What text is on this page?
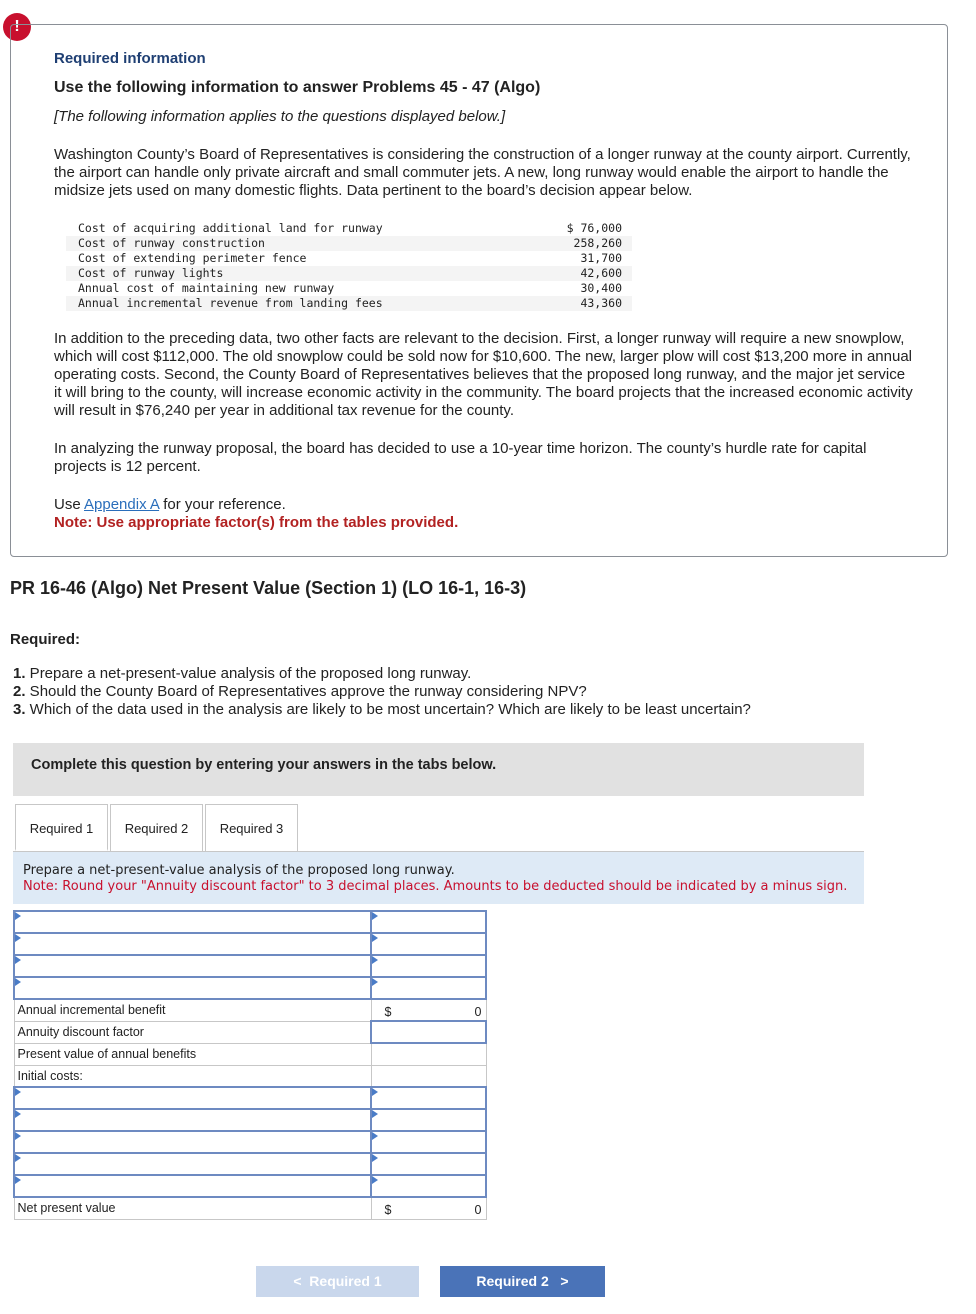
!
Required information
Use the following information to answer Problems 45 - 47 (Algo)
[The following information applies to the questions displayed below.]

Washington County’s Board of Representatives is considering the construction of a longer runway at the county airport. Currently, the airport can handle only private aircraft and small commuter jets. A new, long runway would enable the airport to handle the midsize jets used on many domestic flights. Data pertinent to the board’s decision appear below.

Cost of acquiring additional land for runway	$ 76,000
Cost of runway construction	258,260
Cost of extending perimeter fence	31,700
Cost of runway lights	42,600
Annual cost of maintaining new runway	30,400
Annual incremental revenue from landing fees	43,360

In addition to the preceding data, two other facts are relevant to the decision. First, a longer runway will require a new snowplow, which will cost $112,000. The old snowplow could be sold now for $10,600. The new, larger plow will cost $13,200 more in annual operating costs. Second, the County Board of Representatives believes that the proposed long runway, and the major jet service it will bring to the county, will increase economic activity in the community. The board projects that the increased economic activity will result in $76,240 per year in additional tax revenue for the county.

In analyzing the runway proposal, the board has decided to use a 10-year time horizon. The county’s hurdle rate for capital projects is 12 percent.

Use Appendix A for your reference.
Note: Use appropriate factor(s) from the tables provided.
PR 16-46 (Algo) Net Present Value (Section 1) (LO 16-1, 16-3)
Required:
1. Prepare a net-present-value analysis of the proposed long runway.
2. Should the County Board of Representatives approve the runway considering NPV?
3. Which of the data used in the analysis are likely to be most uncertain? Which are likely to be least uncertain?
Complete this question by entering your answers in the tabs below.
Required 1	Required 2	Required 3
Prepare a net-present-value analysis of the proposed long runway.
Note: Round your "Annuity discount factor" to 3 decimal places. Amounts to be deducted should be indicated by a minus sign.

Annual incremental benefit	$ 0

Annuity discount factor	
Present value of annual benefits	
Initial costs:	

Net present value	$ 0
<  Required 1	Required 2   >
